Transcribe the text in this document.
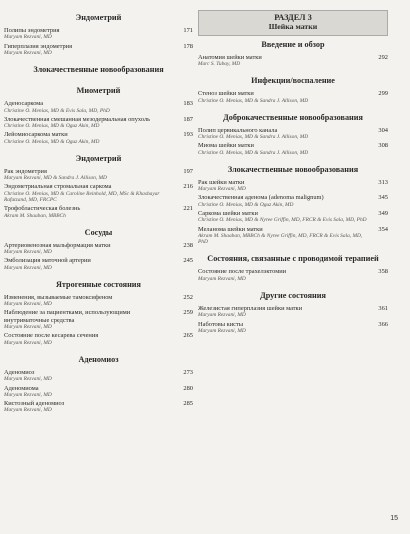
Эндометрий
Полипы эндометрия
Maryam Rezvani, MD
171
Гиперплазия эндометрия
Maryam Rezvani, MD
178
Злокачественные новообразования
Миометрий
Аденосаркома
Christine O. Menias, MD & Evis Sala, MD, PhD
183
Злокачественная смешанная мезодермальная опухоль
Christine O. Menias, MD & Oguz Akin, MD
187
Лейомиосаркома матки
Christine O. Menias, MD & Oguz Akin, MD
193
Эндометрий
Рак эндометрия
Maryam Rezvani, MD & Sandra J. Allison, MD
197
Эндометриальная стромальная саркома
Christine O. Menias, MD & Caroline Reinhold, MD, MSc & Khashayar Rafatzand, MD, FRCPC
216
Трофобластическая болезнь
Akram M. Shaaban, MBBCh
221
Сосуды
Артериовенозная мальформация матки
Maryam Rezvani, MD
238
Эмболизация маточной артерии
Maryam Rezvani, MD
245
Ятрогенные состояния
Изменения, вызываемые тамоксифеном
Maryam Rezvani, MD
252
Наблюдение за пациентками, использующими внутриматочные средства
Maryam Rezvani, MD
259
Состояние после кесарева сечения
Maryam Rezvani, MD
265
Аденомиоз
Аденомиоз
Maryam Rezvani, MD
273
Аденомиома
Maryam Rezvani, MD
280
Кистозный аденомиоз
Maryam Rezvani, MD
285
РАЗДЕЛ 3
Шейка матки
Введение и обзор
Анатомия шейки матки
Marc S. Tubay, MD
292
Инфекции/воспаление
Стеноз шейки матки
Christine O. Menias, MD & Sandra J. Allison, MD
299
Доброкачественные новообразования
Полип цервикального канала
Christine O. Menias, MD & Sandra J. Allison, MD
304
Миома шейки матки
Christine O. Menias, MD & Sandra J. Allison, MD
308
Злокачественные новообразования
Рак шейки матки
Maryam Rezvani, MD
313
Злокачественная аденома (adenoma malignum)
Christine O. Menias, MD & Oguz Akin, MD
345
Саркома шейки матки
Christine O. Menias, MD & Nyree Griffin, MD, FRCR & Evis Sala, MD, PhD
349
Меланома шейки матки
Akram M. Shaaban, MBBCh & Nyree Griffin, MD, FRCR & Evis Sala, MD, PhD
354
Состояния, связанные с проводимой терапией
Состояние после трахелэктомии
Maryam Rezvani, MD
358
Другие состояния
Железистая гиперплазия шейки матки
Maryam Rezvani, MD
361
Наботовы кисты
Maryam Rezvani, MD
366
15
